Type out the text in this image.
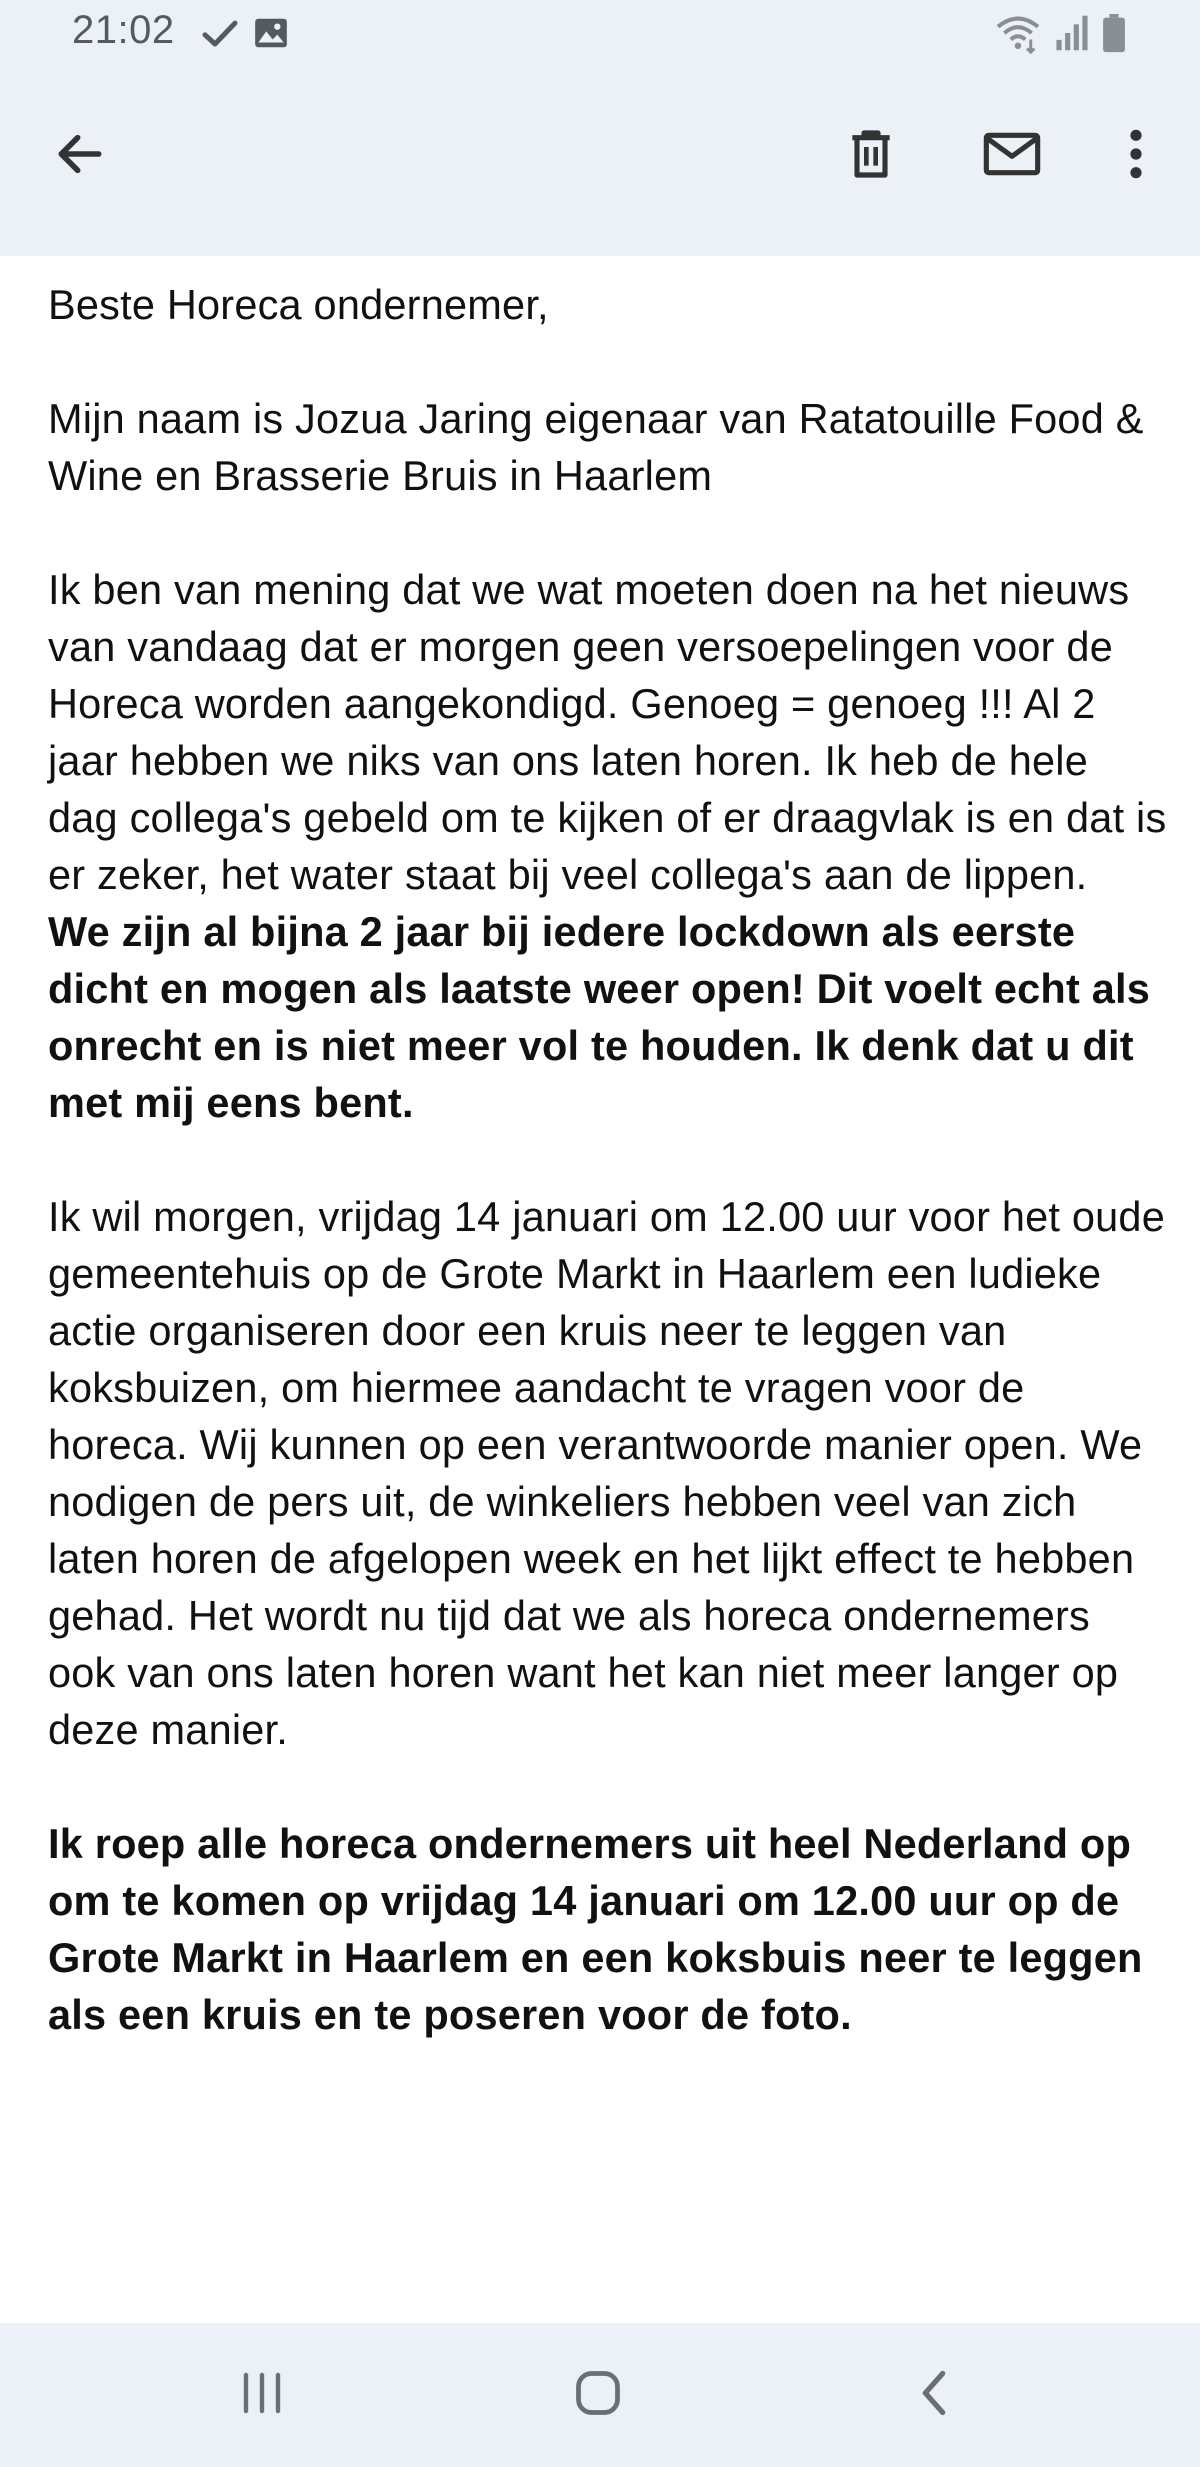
21:02

Beste Horeca ondernemer,

Mijn naam is Jozua Jaring eigenaar van Ratatouille Food & Wine en Brasserie Bruis in Haarlem

Ik ben van mening dat we wat moeten doen na het nieuws van vandaag dat er morgen geen versoepelingen voor de Horeca worden aangekondigd. Genoeg = genoeg !!! Al 2 jaar hebben we niks van ons laten horen. Ik heb de hele dag collega's gebeld om te kijken of er draagvlak is en dat is er zeker, het water staat bij veel collega's aan de lippen.

We zijn al bijna 2 jaar bij iedere lockdown als eerste dicht en mogen als laatste weer open! Dit voelt echt als onrecht en is niet meer vol te houden. Ik denk dat u dit met mij eens bent.

Ik wil morgen, vrijdag 14 januari om 12.00 uur voor het oude gemeentehuis op de Grote Markt in Haarlem een ludieke actie organiseren door een kruis neer te leggen van koksbuizen, om hiermee aandacht te vragen voor de horeca. Wij kunnen op een verantwoorde manier open. We nodigen de pers uit, de winkeliers hebben veel van zich laten horen de afgelopen week en het lijkt effect te hebben gehad. Het wordt nu tijd dat we als horeca ondernemers ook van ons laten horen want het kan niet meer langer op deze manier.

Ik roep alle horeca ondernemers uit heel Nederland op om te komen op vrijdag 14 januari om 12.00 uur op de Grote Markt in Haarlem en een koksbuis neer te leggen als een kruis en te poseren voor de foto.
